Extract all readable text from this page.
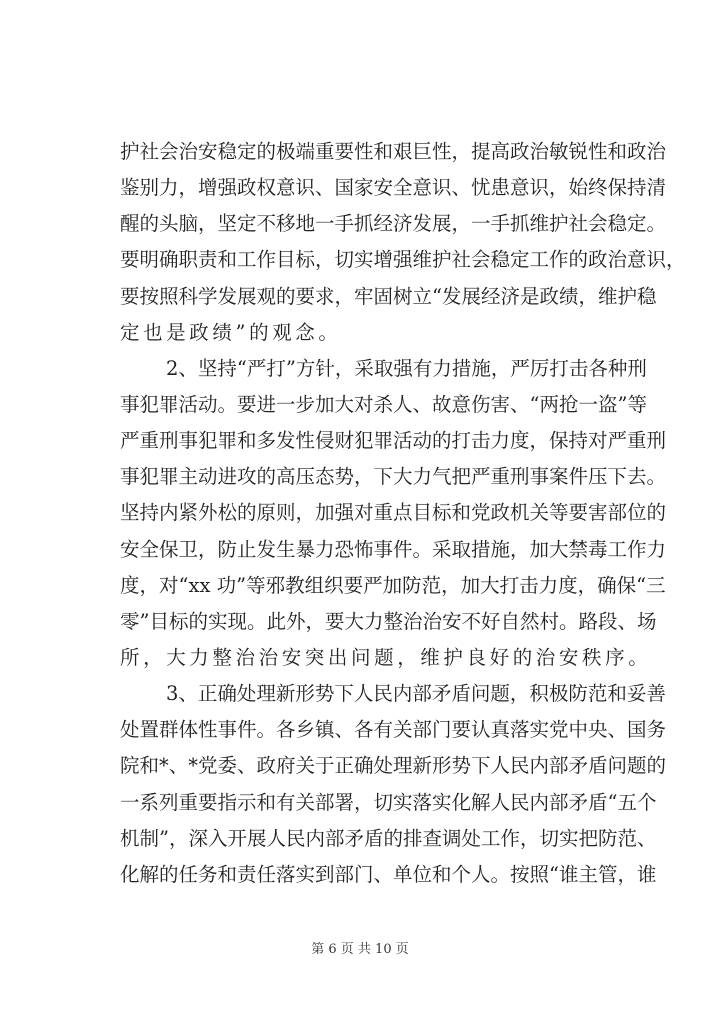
护社会治安稳定的极端重要性和艰巨性，提高政治敏锐性和政治
鉴别力，增强政权意识、国家安全意识、忧患意识，始终保持清
醒的头脑，坚定不移地一手抓经济发展，一手抓维护社会稳定。
要明确职责和工作目标，切实增强维护社会稳定工作的政治意识，
要按照科学发展观的要求，牢固树立“发展经济是政绩，维护稳
定也是政绩”的观念。
2、坚持“严打”方针，采取强有力措施，严厉打击各种刑
事犯罪活动。要进一步加大对杀人、故意伤害、“两抢一盗”等
严重刑事犯罪和多发性侵财犯罪活动的打击力度，保持对严重刑
事犯罪主动进攻的高压态势，下大力气把严重刑事案件压下去。
坚持内紧外松的原则，加强对重点目标和党政机关等要害部位的
安全保卫，防止发生暴力恐怖事件。采取措施，加大禁毒工作力
度，对“xx 功”等邪教组织要严加防范，加大打击力度，确保“三
零”目标的实现。此外，要大力整治治安不好自然村。路段、场
所，大力整治治安突出问题，维护良好的治安秩序。
3、正确处理新形势下人民内部矛盾问题，积极防范和妥善
处置群体性事件。各乡镇、各有关部门要认真落实党中央、国务
院和*、*党委、政府关于正确处理新形势下人民内部矛盾问题的
一系列重要指示和有关部署，切实落实化解人民内部矛盾“五个
机制”，深入开展人民内部矛盾的排查调处工作，切实把防范、
化解的任务和责任落实到部门、单位和个人。按照“谁主管，谁
第 6 页 共 10 页
